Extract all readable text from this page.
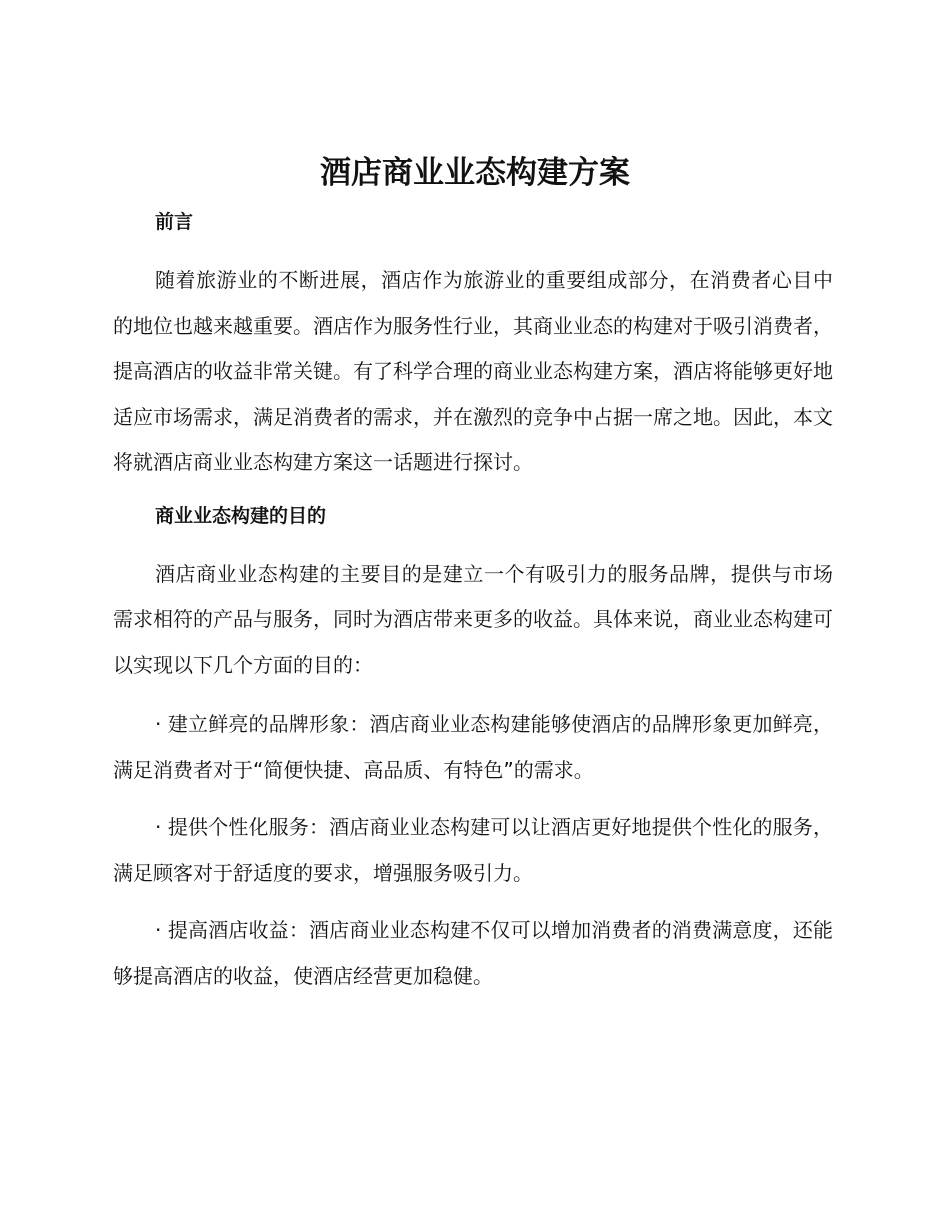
酒店商业业态构建方案
前言

随着旅游业的不断进展，酒店作为旅游业的重要组成部分，在消费者心目中的地位也越来越重要。酒店作为服务性行业，其商业业态的构建对于吸引消费者，提高酒店的收益非常关键。有了科学合理的商业业态构建方案，酒店将能够更好地适应市场需求，满足消费者的需求，并在激烈的竞争中占据一席之地。因此，本文将就酒店商业业态构建方案这一话题进行探讨。

商业业态构建的目的

酒店商业业态构建的主要目的是建立一个有吸引力的服务品牌，提供与市场需求相符的产品与服务，同时为酒店带来更多的收益。具体来说，商业业态构建可以实现以下几个方面的目的：

· 建立鲜亮的品牌形象：酒店商业业态构建能够使酒店的品牌形象更加鲜亮，满足消费者对于“简便快捷、高品质、有特色”的需求。

· 提供个性化服务：酒店商业业态构建可以让酒店更好地提供个性化的服务，满足顾客对于舒适度的要求，增强服务吸引力。

· 提高酒店收益：酒店商业业态构建不仅可以增加消费者的消费满意度，还能够提高酒店的收益，使酒店经营更加稳健。
